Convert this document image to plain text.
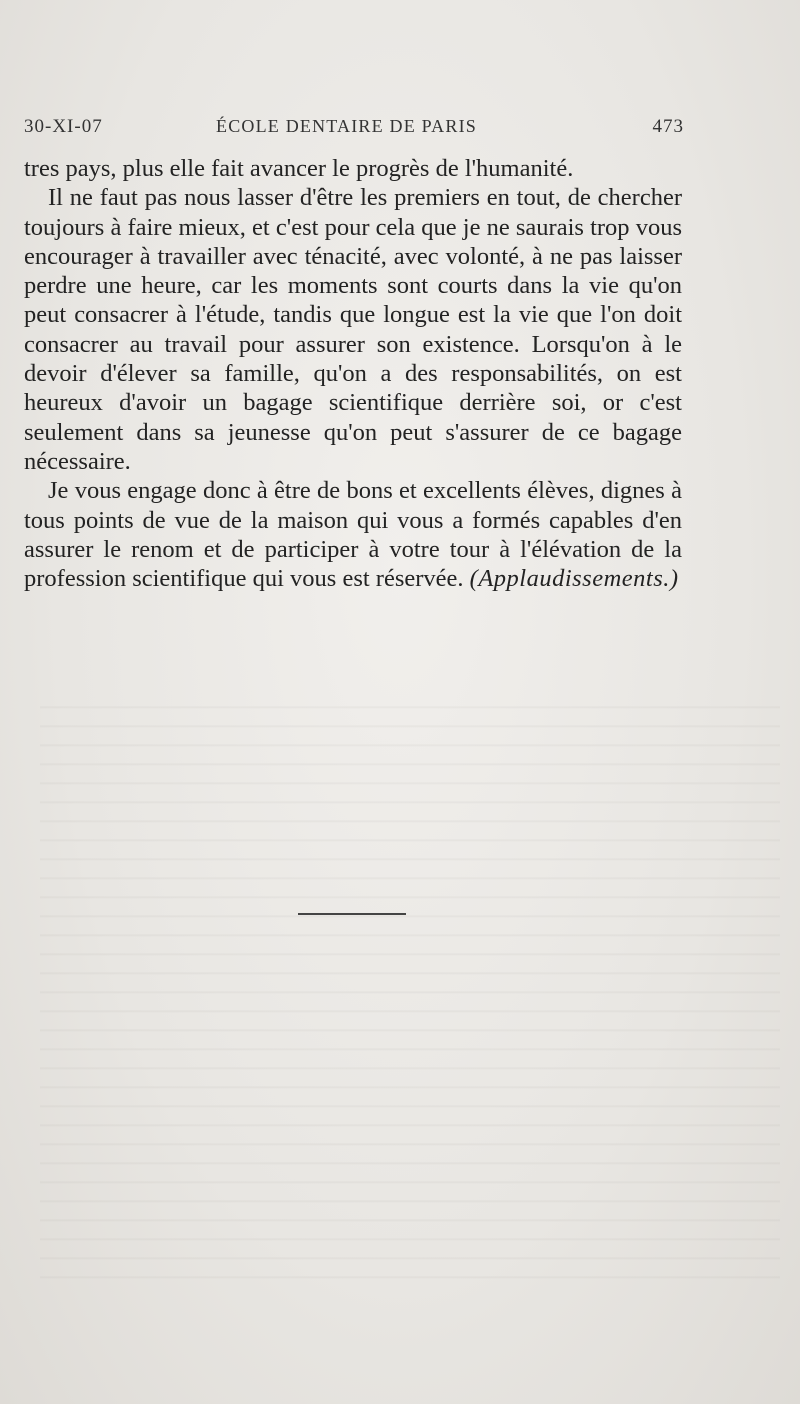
30-XI-07	ÉCOLE DENTAIRE DE PARIS	473

tres pays, plus elle fait avancer le progrès de l'humanité.

Il ne faut pas nous lasser d'être les premiers en tout, de chercher toujours à faire mieux, et c'est pour cela que je ne saurais trop vous encourager à travailler avec ténacité, avec volonté, à ne pas laisser perdre une heure, car les moments sont courts dans la vie qu'on peut consacrer à l'étude, tandis que longue est la vie que l'on doit consacrer au travail pour assurer son existence. Lorsqu'on à le devoir d'élever sa famille, qu'on a des responsabilités, on est heureux d'avoir un bagage scientifique derrière soi, or c'est seulement dans sa jeunesse qu'on peut s'assurer de ce bagage nécessaire.

Je vous engage donc à être de bons et excellents élèves, dignes à tous points de vue de la maison qui vous a formés capables d'en assurer le renom et de participer à votre tour à l'élévation de la profession scientifique qui vous est réservée. (Applaudissements.)
